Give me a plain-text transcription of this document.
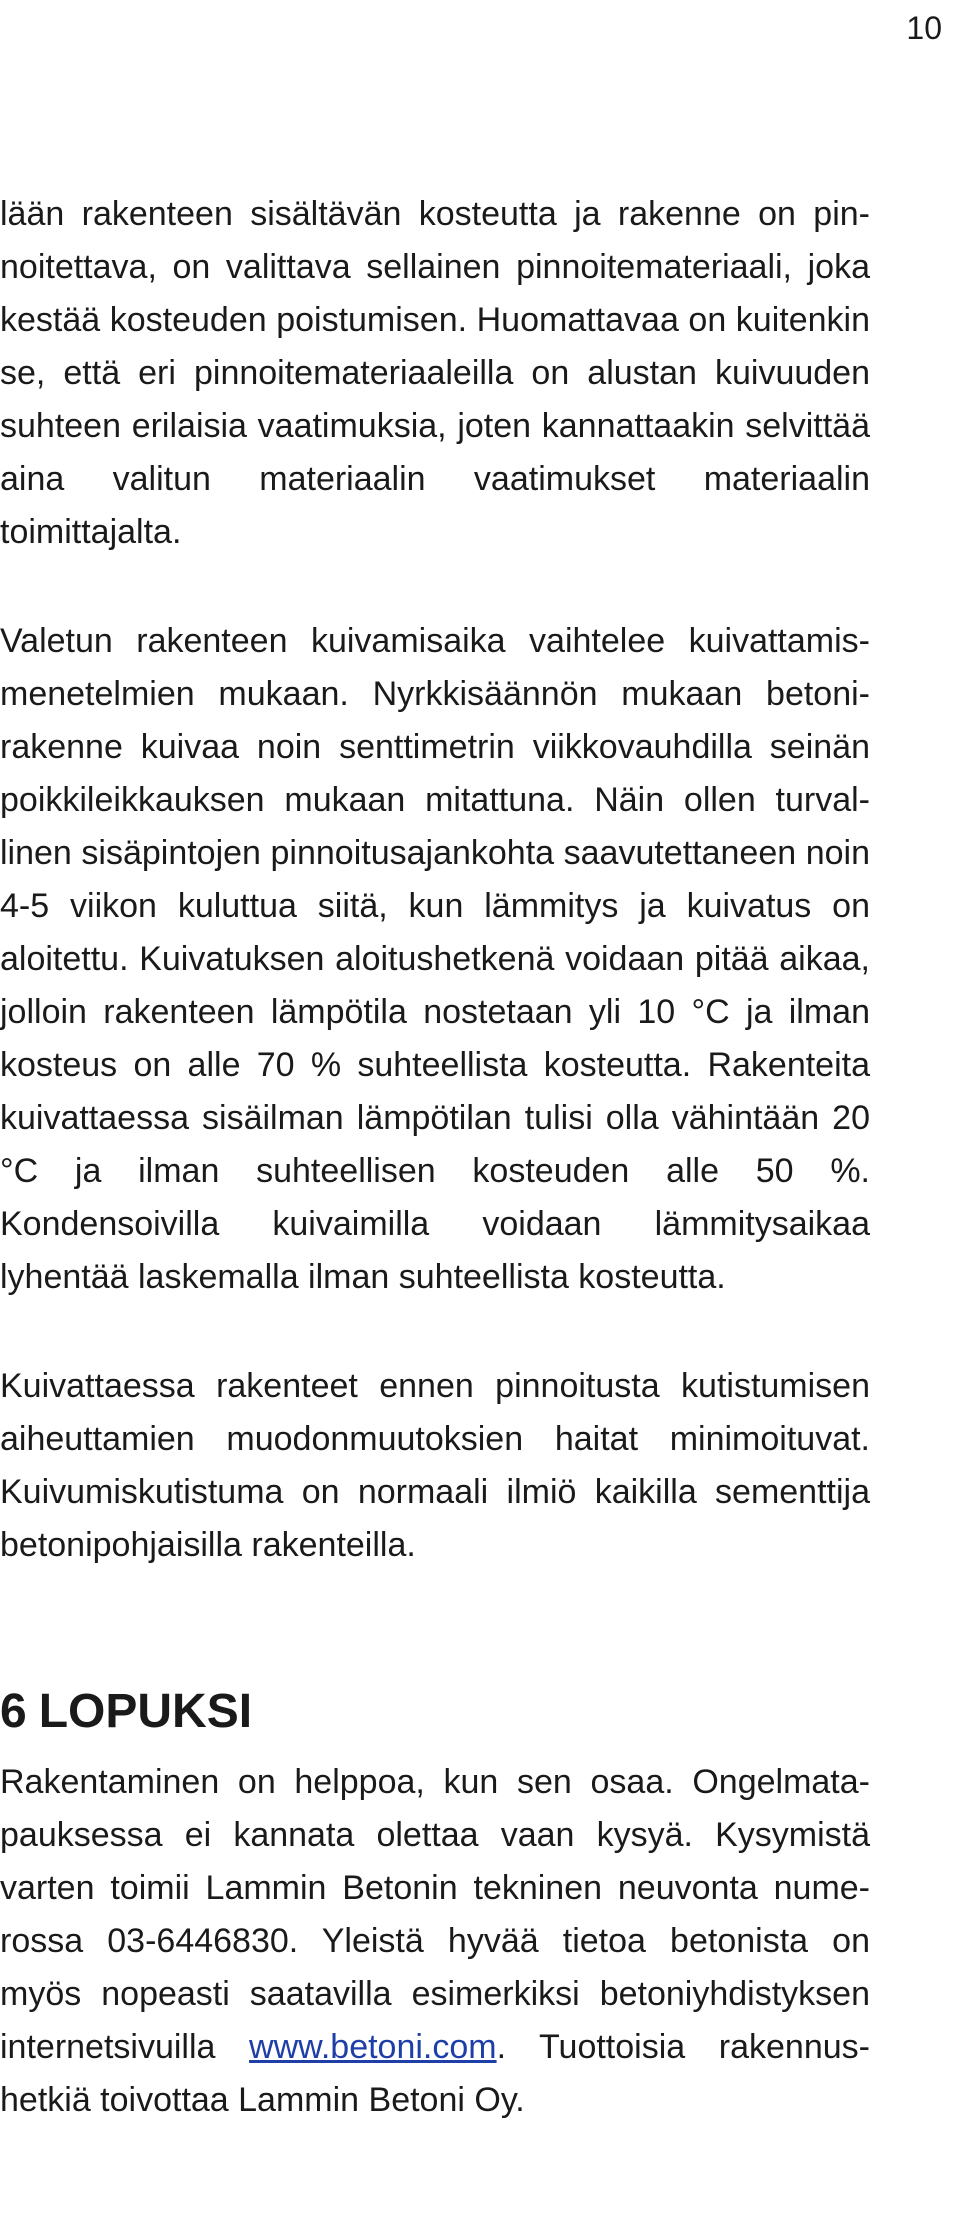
10

lään rakenteen sisältävän kosteutta ja rakenne on pinnoitettava, on valittava sellainen pinnoitemateriaali, joka kestää kosteuden poistumisen. Huomattavaa on kuitenkin se, että eri pinnoitemateriaaleilla on alustan kuivuuden suhteen erilaisia vaatimuksia, joten kannattaakin selvittää aina valitun materiaalin vaatimukset materiaalin toimittajalta.

Valetun rakenteen kuivamisaika vaihtelee kuivattamismenetelmien mukaan. Nyrkkisäännön mukaan betonirakenne kuivaa noin senttimetrin viikkovauhdilla seinän poikkileikkauksen mukaan mitattuna. Näin ollen turvallinen sisäpintojen pinnoitusajankohta saavutettaneen noin 4-5 viikon kuluttua siitä, kun lämmitys ja kuivatus on aloitettu. Kuivatuksen aloitushetkenä voidaan pitää aikaa, jolloin rakenteen lämpötila nostetaan yli 10 °C ja ilman kosteus on alle 70 % suhteellista kosteutta. Rakenteita kuivattaessa sisäilman lämpötilan tulisi olla vähintään 20 °C ja ilman suhteellisen kosteuden alle 50 %. Kondensoivilla kuivaimilla voidaan lämmitysaikaa lyhentää laskemalla ilman suhteellista kosteutta.

Kuivattaessa rakenteet ennen pinnoitusta kutistumisen aiheuttamien muodonmuutoksien haitat minimoituvat. Kuivumiskutistuma on normaali ilmiö kaikilla sementtija betonipohjaisilla rakenteilla.

6 LOPUKSI

Rakentaminen on helppoa, kun sen osaa. Ongelmatapauksessa ei kannata olettaa vaan kysyä. Kysymistä varten toimii Lammin Betonin tekninen neuvonta numerossa 03-6446830. Yleistä hyvää tietoa betonista on myös nopeasti saatavilla esimerkiksi betoniyhdistyksen internetsivuilla www.betoni.com. Tuottoisia rakennushetkiä toivottaa Lammin Betoni Oy.
